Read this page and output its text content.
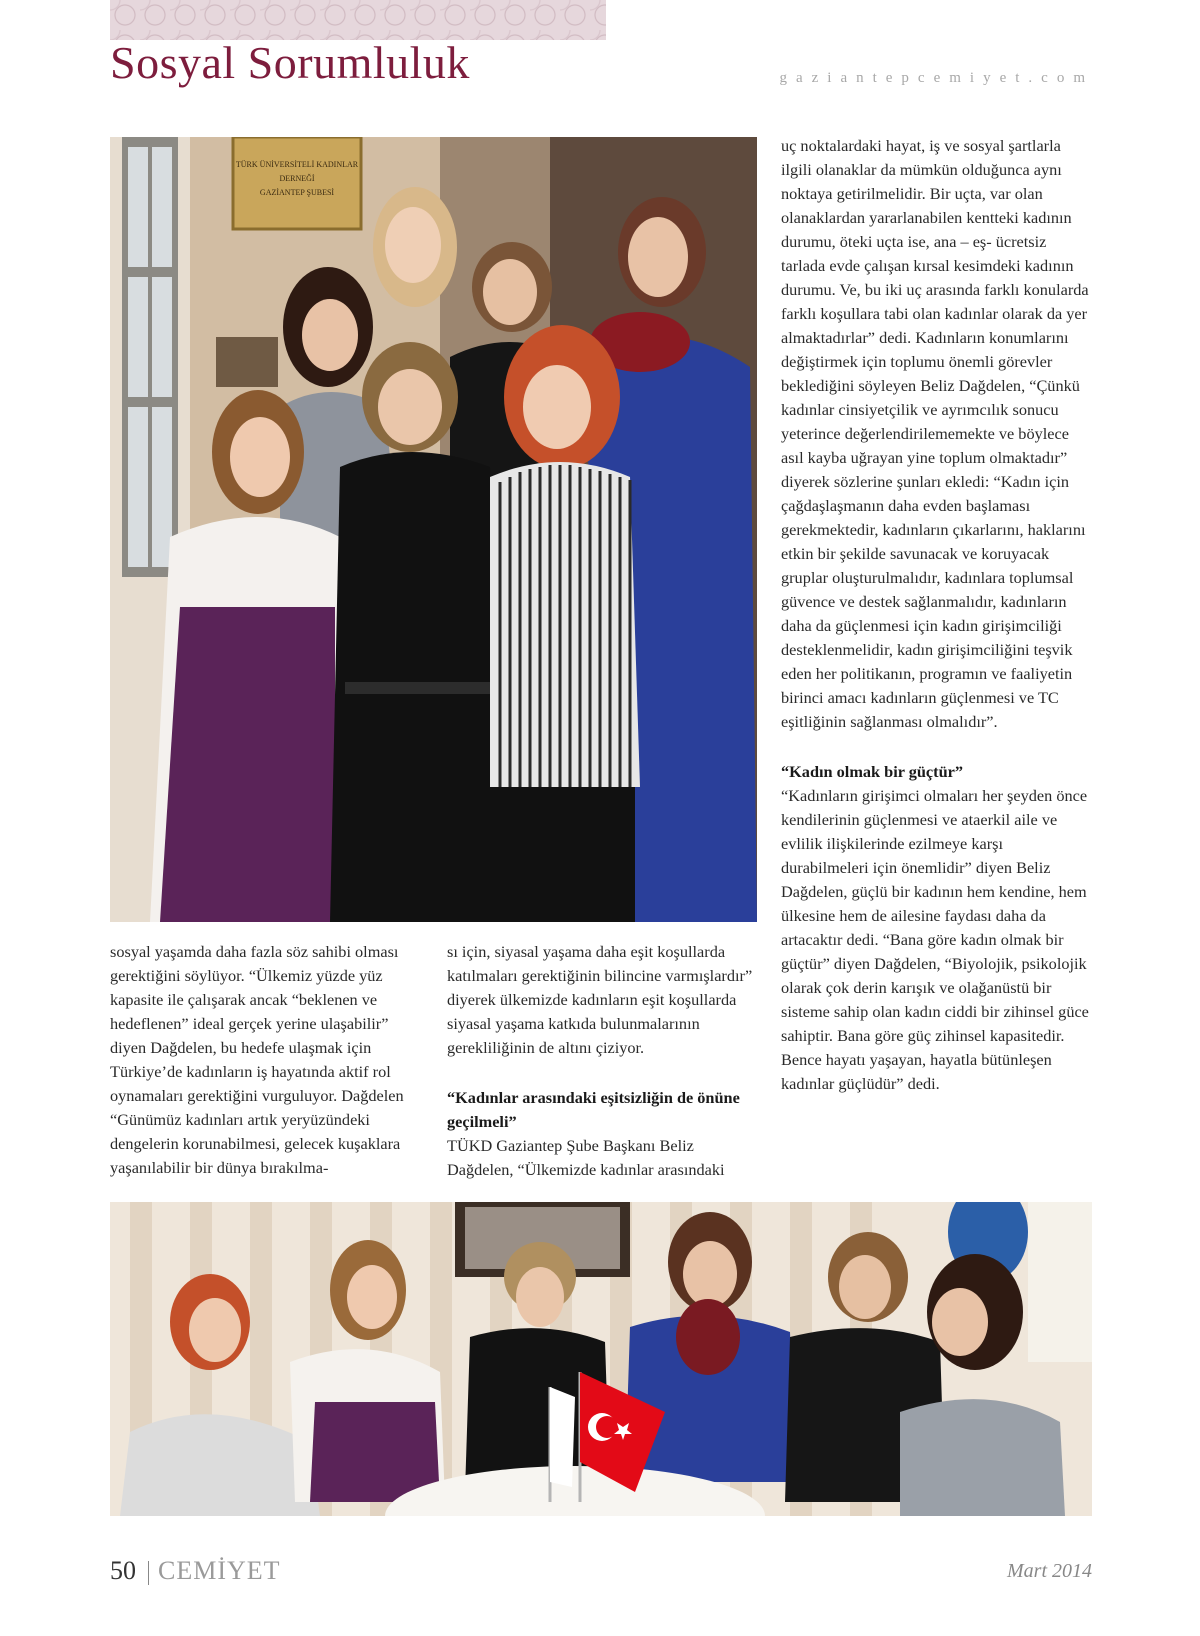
Sosyal Sorumluluk	gaziantepcemiyet.com
TÜRK ÜNİVERSİTELİ KADINLAR
DERNEĞİ
GAZİANTEP ŞUBESİ

uç noktalardaki hayat, iş ve sosyal şartlarla ilgili olanaklar da mümkün olduğunca aynı noktaya getirilmelidir. Bir uçta, var olan olanaklardan yararlanabilen kentteki kadının durumu, öteki uçta ise, ana – eş- ücretsiz tarlada evde çalışan kırsal kesimdeki kadının durumu. Ve, bu iki uç arasında farklı konularda farklı koşullara tabi olan kadınlar olarak da yer almaktadırlar” dedi. Kadınların konumlarını değiştirmek için toplumu önemli görevler beklediğini söyleyen Beliz Dağdelen, “Çünkü kadınlar cinsiyetçilik ve ayrımcılık sonucu yeterince değerlendirilememekte ve böylece asıl kayba uğrayan yine toplum olmaktadır” diyerek sözlerine şunları ekledi: “Kadın için çağdaşlaşmanın daha evden başlaması gerekmektedir, kadınların çıkarlarını, haklarını etkin bir şekilde savunacak ve koruyacak gruplar oluşturulmalıdır, kadınlara toplumsal güvence ve destek sağlanmalıdır, kadınların daha da güçlenmesi için kadın girişimciliği desteklenmelidir, kadın girişimciliğini teşvik eden her politikanın, programın ve faaliyetin birinci amacı kadınların güçlenmesi ve TC eşitliğinin sağlanması olmalıdır”.

“Kadın olmak bir güçtür”

“Kadınların girişimci olmaları her şeyden önce kendilerinin güçlenmesi ve ataerkil aile ve evlilik ilişkilerinde ezilmeye karşı durabilmeleri için önemlidir” diyen Beliz Dağdelen, güçlü bir kadının hem kendine, hem ülkesine hem de ailesine faydası daha da artacaktır dedi. “Bana göre kadın olmak bir güçtür” diyen Dağdelen, “Biyolojik, psikolojik olarak çok derin karışık ve olağanüstü bir sisteme sahip olan kadın ciddi bir zihinsel güce sahiptir. Bana göre güç zihinsel kapasitedir. Bence hayatı yaşayan, hayatla bütünleşen kadınlar güçlüdür” dedi.

sosyal yaşamda daha fazla söz sahibi olması gerektiğini söylüyor. “Ülkemiz yüzde yüz kapasite ile çalışarak ancak “beklenen ve hedeflenen” ideal gerçek yerine ulaşabilir” diyen Dağdelen, bu hedefe ulaşmak için Türkiye’de kadınların iş hayatında aktif rol oynamaları gerektiğini vurguluyor. Dağdelen “Günümüz kadınları artık yeryüzündeki dengelerin korunabilmesi, gelecek kuşaklara yaşanılabilir bir dünya bırakılma-

sı için, siyasal yaşama daha eşit koşullarda katılmaları gerektiğinin bilincine varmışlardır” diyerek ülkemizde kadınların eşit koşullarda siyasal yaşama katkıda bulunmalarının gerekliliğinin de altını çiziyor.

“Kadınlar arasındaki eşitsizliğin de önüne geçilmeli”

TÜKD Gaziantep Şube Başkanı Beliz Dağdelen, “Ülkemizde kadınlar arasındaki

50 CEMİYET	Mart 2014
